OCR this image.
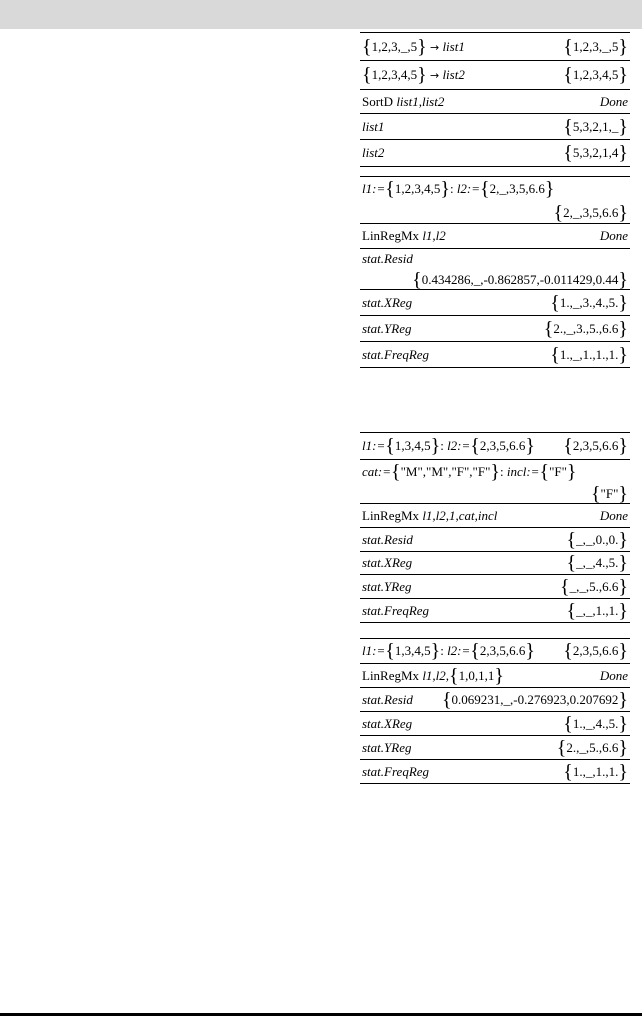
{1,2,3,_,5} → list1	{1,2,3,_,5}
{1,2,3,4,5} → list2	{1,2,3,4,5}
SortD list1,list2	Done
list1	{5,3,2,1,_}
list2	{5,3,2,1,4}
l1:={1,2,3,4,5}: l2:={2,_,3,5,6.6}
{2,_,3,5,6.6}
LinRegMx l1,l2	Done
stat.Resid
{0.434286,_,-0.862857,-0.011429,0.44}
stat.XReg	{1.,_,3.,4.,5.}
stat.YReg	{2.,_,3.,5.,6.6}
stat.FreqReg	{1.,_,1.,1.,1.}
l1:={1,3,4,5}: l2:={2,3,5,6.6} {2,3,5,6.6}
cat:={"M","M","F","F"}: incl:={"F"}
{"F"}
LinRegMx l1,l2,1,cat,incl	Done
stat.Resid	{_,_,0.,0.}
stat.XReg	{_,_,4.,5.}
stat.YReg	{_,_,5.,6.6}
stat.FreqReg	{_,_,1.,1.}
l1:={1,3,4,5}: l2:={2,3,5,6.6} {2,3,5,6.6}
LinRegMx l1,l2,{1,0,1,1}	Done
stat.Resid {0.069231,_,-0.276923,0.207692}
stat.XReg	{1.,_,4.,5.}
stat.YReg	{2.,_,5.,6.6}
stat.FreqReg	{1.,_,1.,1.}
